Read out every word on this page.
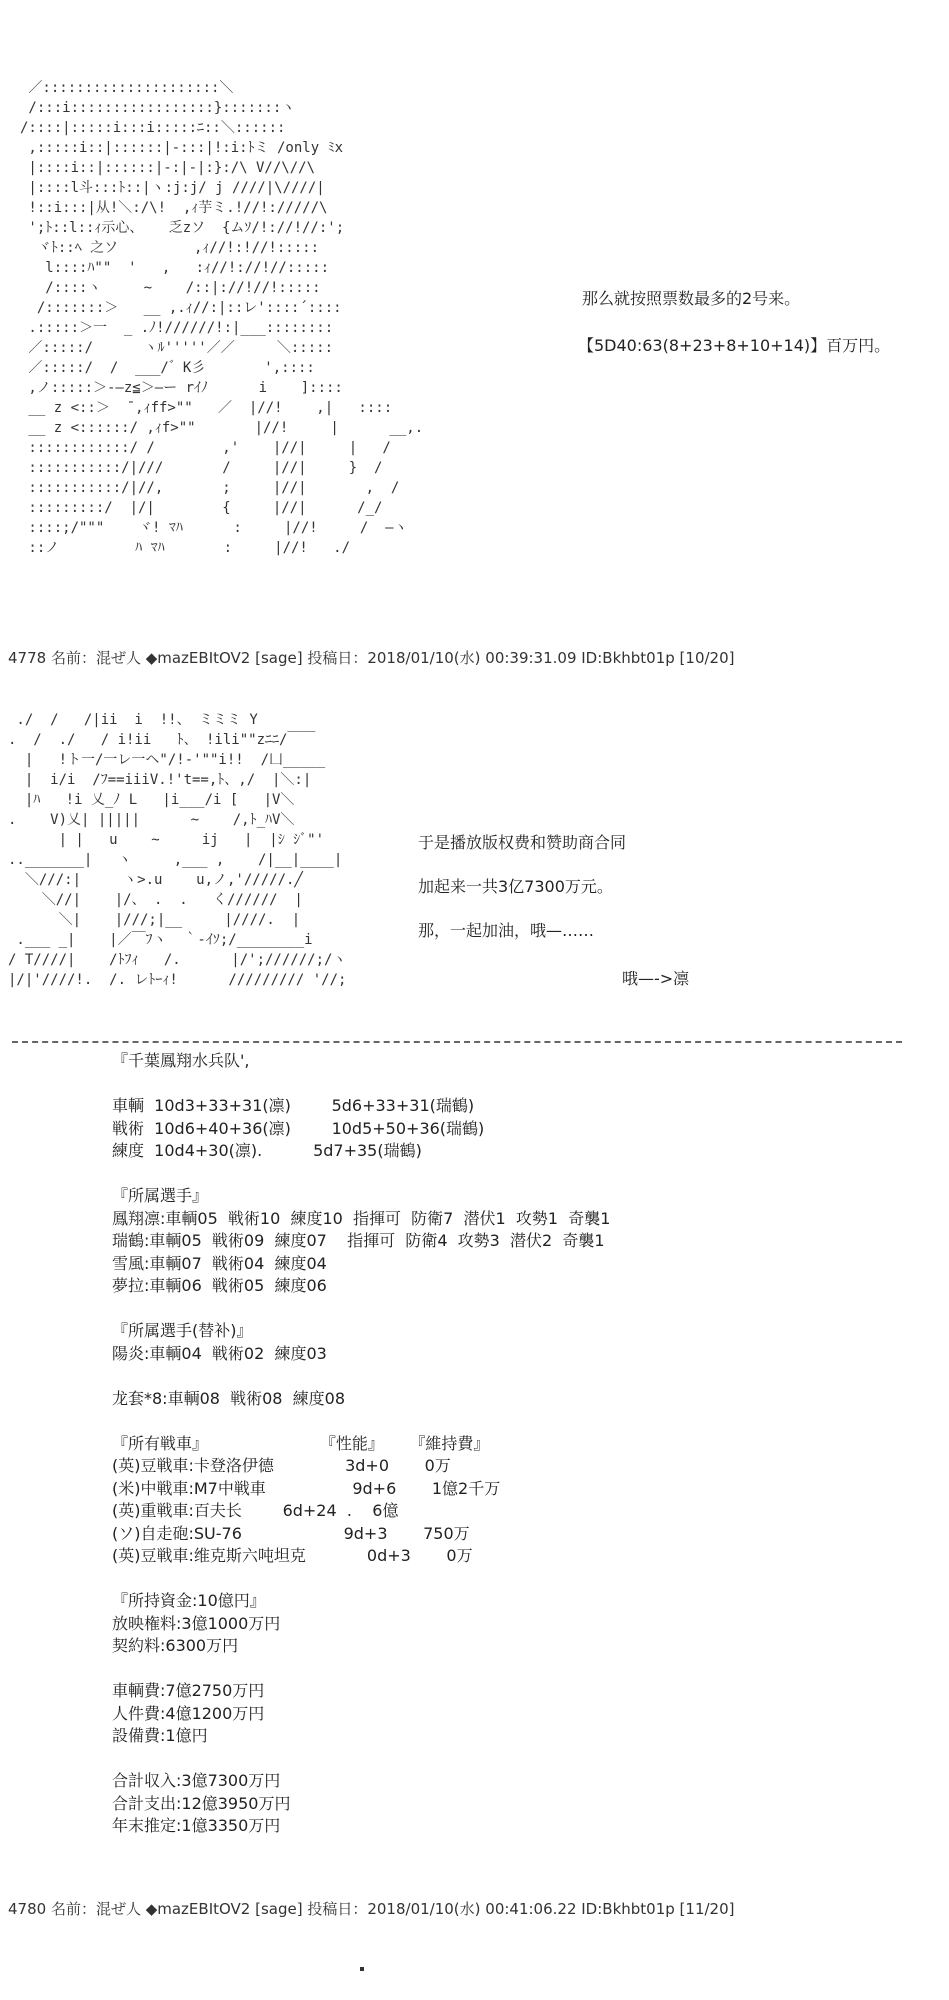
／:::::::::::::::::::::＼
/:::i:::::::::::::::::}:::::::ヽ
/::::|:::::i:::i:::::ﾆ::＼::::::
,:::::i::|::::::|-:::|!:i:ﾄミ /only ﾐx
|::::i::|::::::|-:|-|:}:/\ V//\//\
|::::l斗:::ﾄ::|ヽ:j:j/ j ////|\////|
!::i:::|从!＼:/\!  ,ｨ芋ミ.!//!://///\
';ﾄ::l::ｨ示心、   乏zソ  {ムｿ/!://!//:';
ヾﾄ::ﾍ 之ソ         ,ｨ//!:!//!:::::
l::::ﾊ""  '   ,   :ｨ//!://!//:::::
/::::ヽ     ~    /::|://!//!:::::
/:::::::＞   __ ,.ｨ//:|::レ'::::´::::
.:::::＞一  _ .ﾉ!//////!:|___::::::::
／:::::/      ヽﾙ'''''／／     ＼:::::
／:::::/  /  ___/゛K彡       ',::::
,ノ:::::＞-―z≦＞―ー rｲﾉ      i    ]::::
__ z <::＞  ̄ ,ｨff>""   ／  |//!    ,|   ::::
__ z <::::::/ ,ｨf>""       |//!     |      __,.
::::::::::::/ /        ,'    |//|     |   /
:::::::::::/|///       /     |//|     }  /
:::::::::::/|//,       ;     |//|       ,  /
:::::::::/  |/|        {     |//|      /_/
::::;/"""    ヾ! ﾏﾊ      :     |//!     /  ―ヽ
::ノ         ﾊ ﾏﾊ       :     |//!   ./
那么就按照票数最多的2号来。
【5D40:63(8+23+8+10+14)】百万円。
4778 名前：混ぜ人 ◆mazEBItOV2 [sage] 投稿日：2018/01/10(水) 00:39:31.09 ID:Bkhbt01p [10/20]
./  /   /|ii  i  !!、 ミミミ Y
.  /  ./   / i!ii   ﾄ、 !ili""zﾆﾆ/￣￣
|   !ト一/一レ一ヘ"/!-'""i!!  /凵_____
|  i/i  /ﾌ==iiiV.!'t==,ﾄ、,/  |＼:|
|ﾊ   !i 乂_ﾉ L   |i___/i [   |V＼
.    V)乂| |||||      ~    /,ﾄ_ﾊV＼
| |   u    ~     ij   |  |ｼ ｼﾞ"'
.._______|   ヽ     ,___ ,    /|__|____|
＼///:|     ヽ>.u    u,ノ,'/////.╱
＼//|    |/、 .  .   く//////  |
＼|    |///;|__     |////.  |
.___ _|    |／￣ﾌヽ  ｀-ｲｿ;/________i
/ T////|    /ﾄﾌｨ   /.      |/';//////;/ヽ
|/|'////!.  /. レﾄｰｨ!      ///////// '//;
于是播放版权费和赞助商合同
加起来一共3亿7300万元。
那，一起加油，哦—……
哦—->凛
『千葉鳳翔水兵队',
車輌  10d3+33+31(凛)        5d6+33+31(瑞鶴)
戦術  10d6+40+36(凛)        10d5+50+36(瑞鶴)
練度  10d4+30(凛).          5d7+35(瑞鶴)
『所属選手』
鳳翔凛:車輌05  戦術10  練度10  指揮可  防衛7  潜伏1  攻勢1  奇襲1
瑞鶴:車輌05  戦術09  練度07    指揮可  防衛4  攻勢3  潜伏2  奇襲1
雪風:車輌07  戦術04  練度04
夢拉:車輌06  戦術05  練度06
『所属選手(替补)』
陽炎:車輌04  戦術02  練度03
龙套*8:車輌08  戦術08  練度08
『所有戦車』                      『性能』     『維持費』
(英)豆戦車:卡登洛伊德              3d+0       0万
(米)中戦車:M7中戦車                 9d+6       1億2千万
(英)重戦車:百夫长        6d+24  .    6億
(ソ)自走砲:SU-76                    9d+3       750万
(英)豆戦車:维克斯六吨坦克            0d+3       0万
『所持資金:10億円』
放映権料:3億1000万円
契約料:6300万円
車輌費:7億2750万円
人件費:4億1200万円
設備費:1億円
合計収入:3億7300万円
合計支出:12億3950万円
年末推定:1億3350万円
4780 名前：混ぜ人 ◆mazEBItOV2 [sage] 投稿日：2018/01/10(水) 00:41:06.22 ID:Bkhbt01p [11/20]
